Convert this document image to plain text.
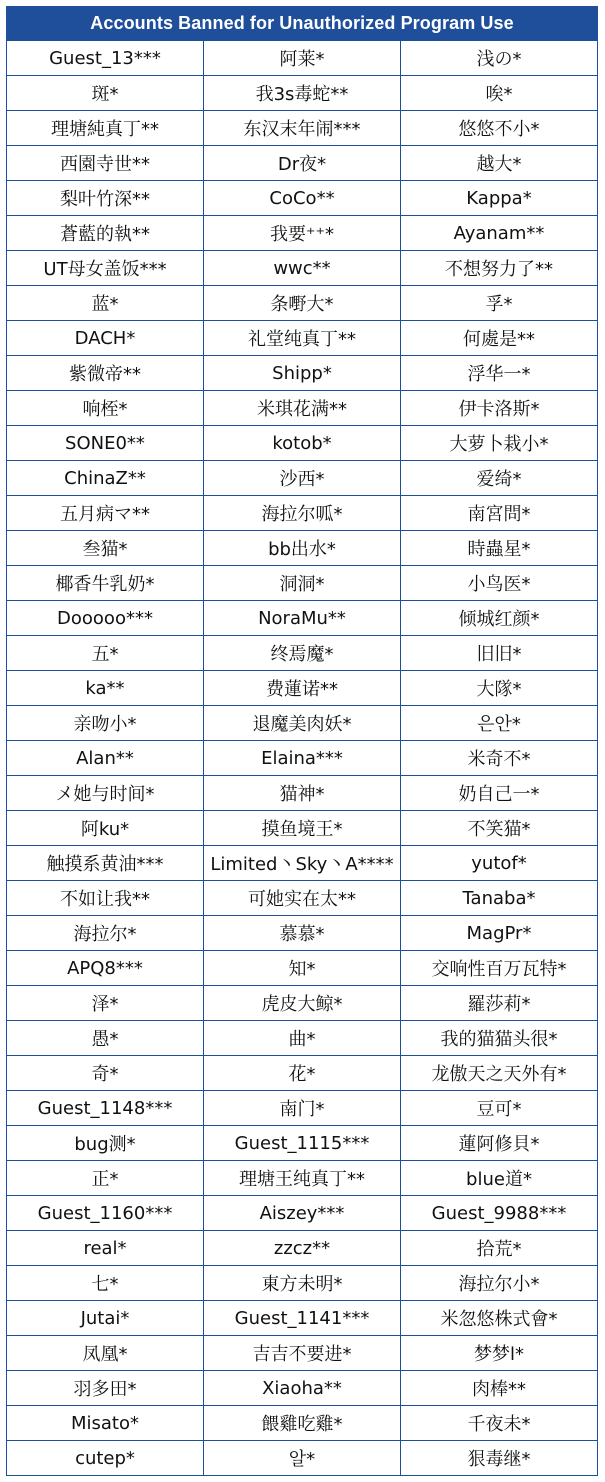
Accounts Banned for Unauthorized Program Use		
Guest_13***	阿莱*	浅の*
斑*	我3s毒蛇**	唉*
理塘純真丁**	东汉末年闹***	悠悠不小*
西園寺世**	Dr夜*	越大*
梨叶竹深**	CoCo**	Kappa*
蒼藍的執**	我要⁺⁺*	Ayanam**
UT母女盖饭***	wwc**	不想努力了**
蓝*	条嘢大*	孚*
DACH*	礼堂纯真丁**	何處是**
紫微帝**	Shipp*	浮华一*
响桎*	米琪花满**	伊卡洛斯*
SONE0**	kotob*	大萝卜栽小*
ChinaZ**	沙西*	爱绮*
五月病マ**	海拉尔呱*	南宮問*
叁猫*	bb出水*	時蟲星*
椰香牛乳奶*	洞洞*	小鸟医*
Dooooo***	NoraMu**	倾城红颜*
五*	终焉魔*	旧旧*
ka**	费蓮诺**	大隊*
亲吻小*	退魔美肉妖*	은안*
Alan**	Elaina***	米奇不*
メ她与时间*	猫神*	奶自己一*
阿ku*	摸鱼境王*	不笑猫*
触摸系黄油***	Limited丶Sky丶A****	yutof*
不如让我**	可她实在太**	Tanaba*
海拉尔*	慕慕*	MagPr*
APQ8***	知*	交响性百万瓦特*
泽*	虎皮大鲸*	羅莎莉*
愚*	曲*	我的猫猫头很*
奇*	花*	龙傲天之天外有*
Guest_1148***	南门*	豆可*
bug测*	Guest_1115***	蓮阿修貝*
正*	理塘王纯真丁**	blue道*
Guest_1160***	Aiszey***	Guest_9988***
real*	zzcz**	拾荒*
七*	東方未明*	海拉尔小*
Jutai*	Guest_1141***	米忽悠株式會*
凤凰*	吉吉不要进*	梦梦l*
羽多田*	Xiaoha**	肉棒**
Misato*	餵雞吃雞*	千夜未*
cutep*	알*	狠毒继*
